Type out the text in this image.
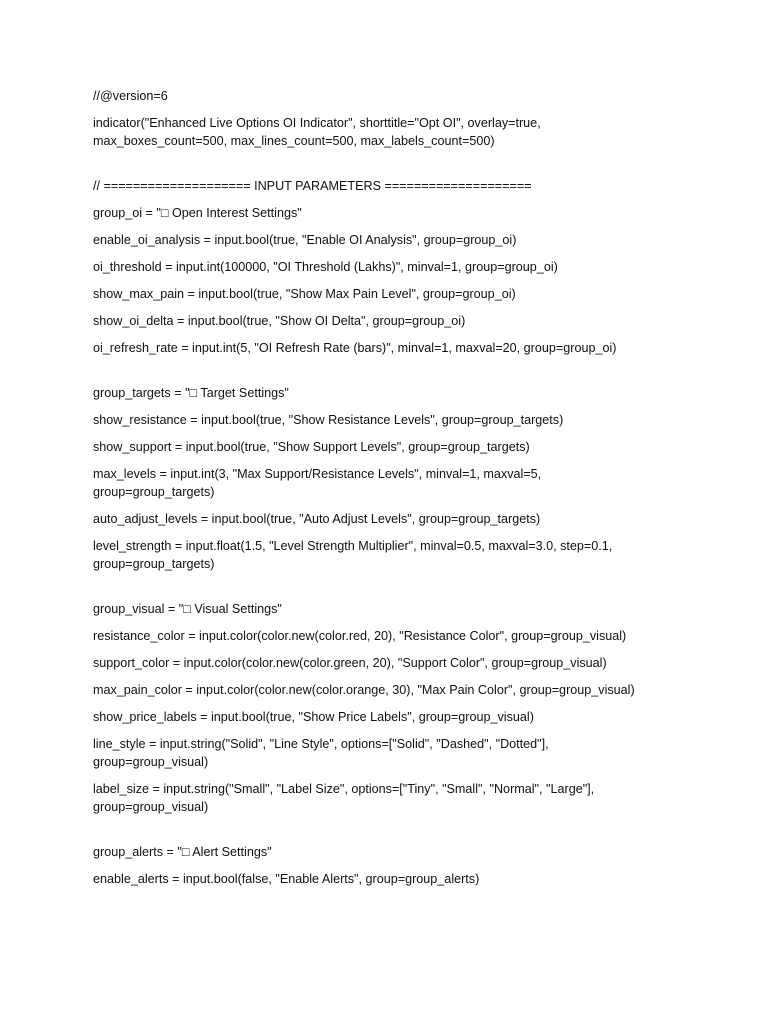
//@version=6

indicator("Enhanced Live Options OI Indicator", shorttitle="Opt OI", overlay=true,
max_boxes_count=500, max_lines_count=500, max_labels_count=500)

// ==================== INPUT PARAMETERS ====================

group_oi = "□ Open Interest Settings"

enable_oi_analysis = input.bool(true, "Enable OI Analysis", group=group_oi)

oi_threshold = input.int(100000, "OI Threshold (Lakhs)", minval=1, group=group_oi)

show_max_pain = input.bool(true, "Show Max Pain Level", group=group_oi)

show_oi_delta = input.bool(true, "Show OI Delta", group=group_oi)

oi_refresh_rate = input.int(5, "OI Refresh Rate (bars)", minval=1, maxval=20, group=group_oi)

group_targets = "□ Target Settings"

show_resistance = input.bool(true, "Show Resistance Levels", group=group_targets)

show_support = input.bool(true, "Show Support Levels", group=group_targets)

max_levels = input.int(3, "Max Support/Resistance Levels", minval=1, maxval=5,
group=group_targets)

auto_adjust_levels = input.bool(true, "Auto Adjust Levels", group=group_targets)

level_strength = input.float(1.5, "Level Strength Multiplier", minval=0.5, maxval=3.0, step=0.1,
group=group_targets)

group_visual = "□ Visual Settings"

resistance_color = input.color(color.new(color.red, 20), "Resistance Color", group=group_visual)

support_color = input.color(color.new(color.green, 20), "Support Color", group=group_visual)

max_pain_color = input.color(color.new(color.orange, 30), "Max Pain Color", group=group_visual)

show_price_labels = input.bool(true, "Show Price Labels", group=group_visual)

line_style = input.string("Solid", "Line Style", options=["Solid", "Dashed", "Dotted"],
group=group_visual)

label_size = input.string("Small", "Label Size", options=["Tiny", "Small", "Normal", "Large"],
group=group_visual)

group_alerts = "□ Alert Settings"

enable_alerts = input.bool(false, "Enable Alerts", group=group_alerts)
